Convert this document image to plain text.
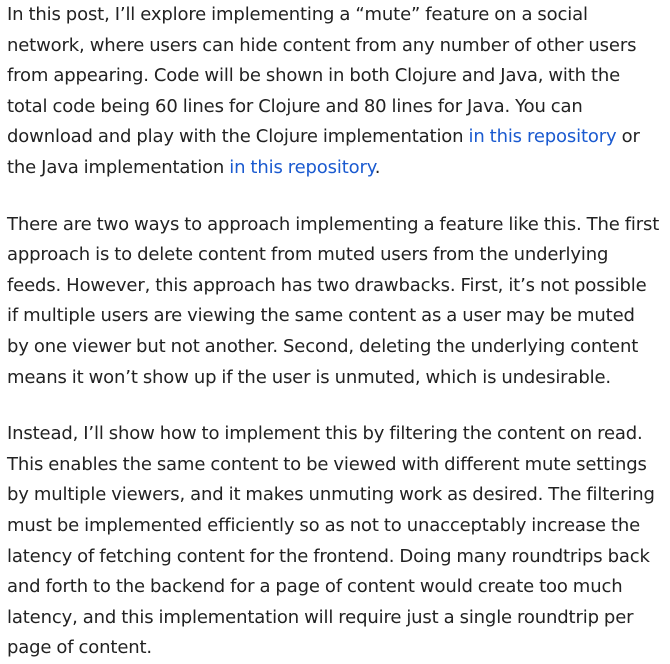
In this post, I’ll explore implementing a “mute” feature on a social network, where users can hide content from any number of other users from appearing. Code will be shown in both Clojure and Java, with the total code being 60 lines for Clojure and 80 lines for Java. You can download and play with the Clojure implementation in this repository or the Java implementation in this repository.

There are two ways to approach implementing a feature like this. The first approach is to delete content from muted users from the underlying feeds. However, this approach has two drawbacks. First, it’s not possible if multiple users are viewing the same content as a user may be muted by one viewer but not another. Second, deleting the underlying content means it won’t show up if the user is unmuted, which is undesirable.

Instead, I’ll show how to implement this by filtering the content on read. This enables the same content to be viewed with different mute settings by multiple viewers, and it makes unmuting work as desired. The filtering must be implemented efficiently so as not to unacceptably increase the latency of fetching content for the frontend. Doing many roundtrips back and forth to the backend for a page of content would create too much latency, and this implementation will require just a single roundtrip per page of content.
